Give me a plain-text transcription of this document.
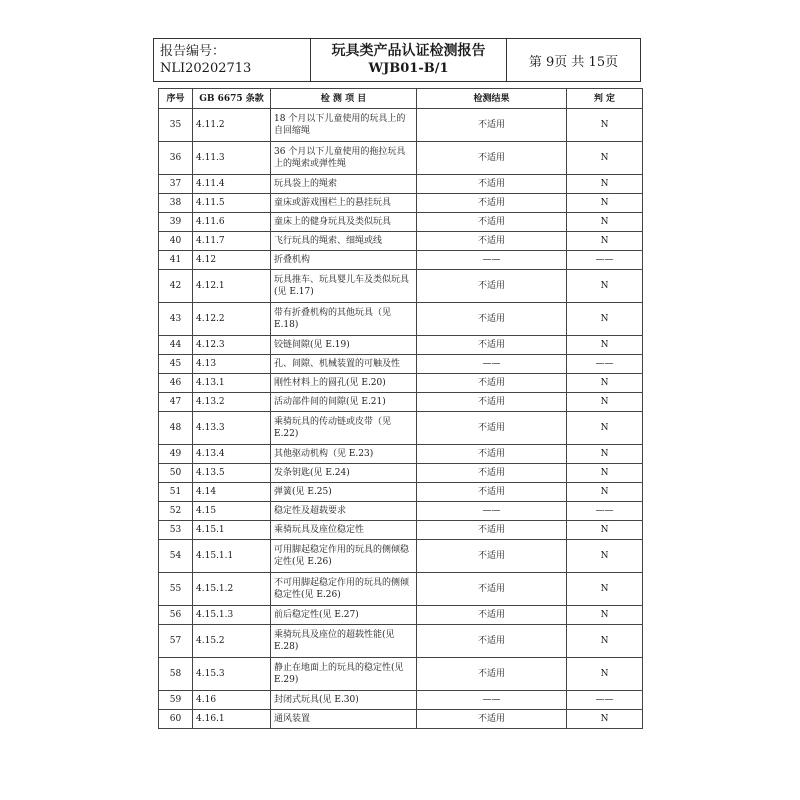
报告编号：
NLI20202713
玩具类产品认证检测报告
WJB01-B/1	第 9页 共 15页
序号	GB 6675 条款	检 测 项 目	检测结果	判 定
35	4.11.2	18 个月以下儿童使用的玩具上的自回缩绳	不适用	N
36	4.11.3	36 个月以下儿童使用的拖拉玩具上的绳索或弹性绳	不适用	N
37	4.11.4	玩具袋上的绳索	不适用	N
38	4.11.5	童床或游戏围栏上的悬挂玩具	不适用	N
39	4.11.6	童床上的健身玩具及类似玩具	不适用	N
40	4.11.7	飞行玩具的绳索、细绳或线	不适用	N
41	4.12	折叠机构	——	——
42	4.12.1	玩具推车、玩具婴儿车及类似玩具(见 E.17)	不适用	N
43	4.12.2	带有折叠机构的其他玩具（见 E.18)	不适用	N
44	4.12.3	铰链间隙(见 E.19)	不适用	N
45	4.13	孔、间隙、机械装置的可触及性	——	——
46	4.13.1	刚性材料上的圆孔(见 E.20)	不适用	N
47	4.13.2	活动部件间的间隙(见 E.21)	不适用	N
48	4.13.3	乘骑玩具的传动链或皮带（见 E.22)	不适用	N
49	4.13.4	其他驱动机构（见 E.23)	不适用	N
50	4.13.5	发条钥匙(见 E.24)	不适用	N
51	4.14	弹簧(见 E.25)	不适用	N
52	4.15	稳定性及超载要求	——	——
53	4.15.1	乘骑玩具及座位稳定性	不适用	N
54	4.15.1.1	可用脚起稳定作用的玩具的侧倾稳定性(见 E.26)	不适用	N
55	4.15.1.2	不可用脚起稳定作用的玩具的侧倾稳定性(见 E.26)	不适用	N
56	4.15.1.3	前后稳定性(见 E.27)	不适用	N
57	4.15.2	乘骑玩具及座位的超载性能(见 E.28)	不适用	N
58	4.15.3	静止在地面上的玩具的稳定性(见 E.29)	不适用	N
59	4.16	封闭式玩具(见 E.30)	——	——
60	4.16.1	通风装置	不适用	N
